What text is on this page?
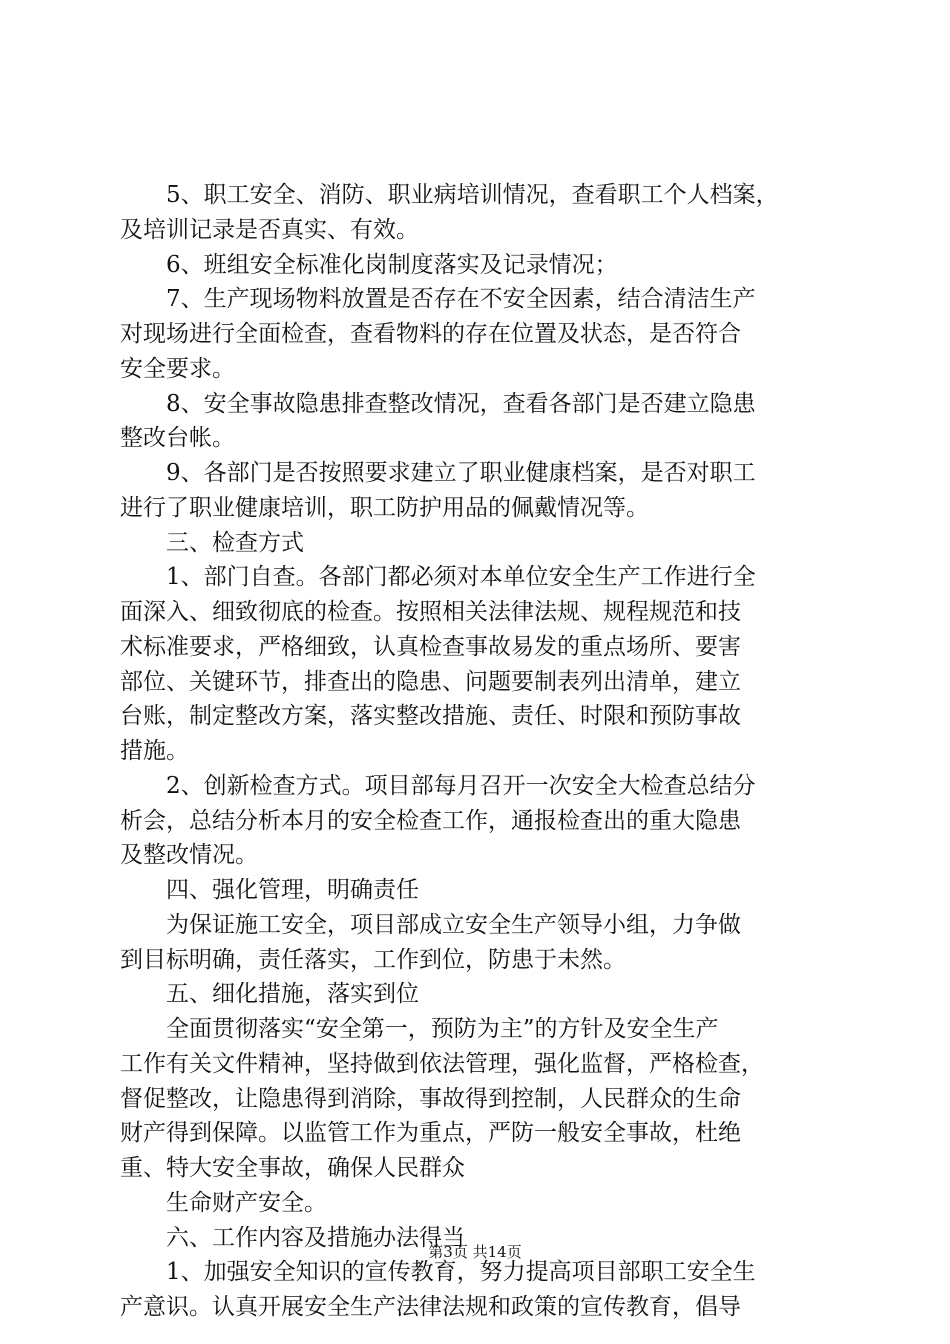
　　5、职工安全、消防、职业病培训情况，查看职工个人档案，
及培训记录是否真实、有效。
　　6、班组安全标准化岗制度落实及记录情况；
　　7、生产现场物料放置是否存在不安全因素，结合清洁生产
对现场进行全面检查，查看物料的存在位置及状态，是否符合
安全要求。
　　8、安全事故隐患排查整改情况，查看各部门是否建立隐患
整改台帐。
　　9、各部门是否按照要求建立了职业健康档案，是否对职工
进行了职业健康培训，职工防护用品的佩戴情况等。
　　三、检查方式
　　1、部门自查。各部门都必须对本单位安全生产工作进行全
面深入、细致彻底的检查。按照相关法律法规、规程规范和技
术标准要求，严格细致，认真检查事故易发的重点场所、要害
部位、关键环节，排查出的隐患、问题要制表列出清单，建立
台账，制定整改方案，落实整改措施、责任、时限和预防事故
措施。
　　2、创新检查方式。项目部每月召开一次安全大检查总结分
析会，总结分析本月的安全检查工作，通报检查出的重大隐患
及整改情况。
　　四、强化管理，明确责任
　　为保证施工安全，项目部成立安全生产领导小组，力争做
到目标明确，责任落实，工作到位，防患于未然。
　　五、细化措施，落实到位
　　全面贯彻落实“安全第一，预防为主”的方针及安全生产
工作有关文件精神，坚持做到依法管理，强化监督，严格检查，
督促整改，让隐患得到消除，事故得到控制，人民群众的生命
财产得到保障。以监管工作为重点，严防一般安全事故，杜绝
重、特大安全事故，确保人民群众
　　生命财产安全。
　　六、工作内容及措施办法得当
　　1、加强安全知识的宣传教育，努力提高项目部职工安全生
产意识。认真开展安全生产法律法规和政策的宣传教育，倡导
第3页 共14页
